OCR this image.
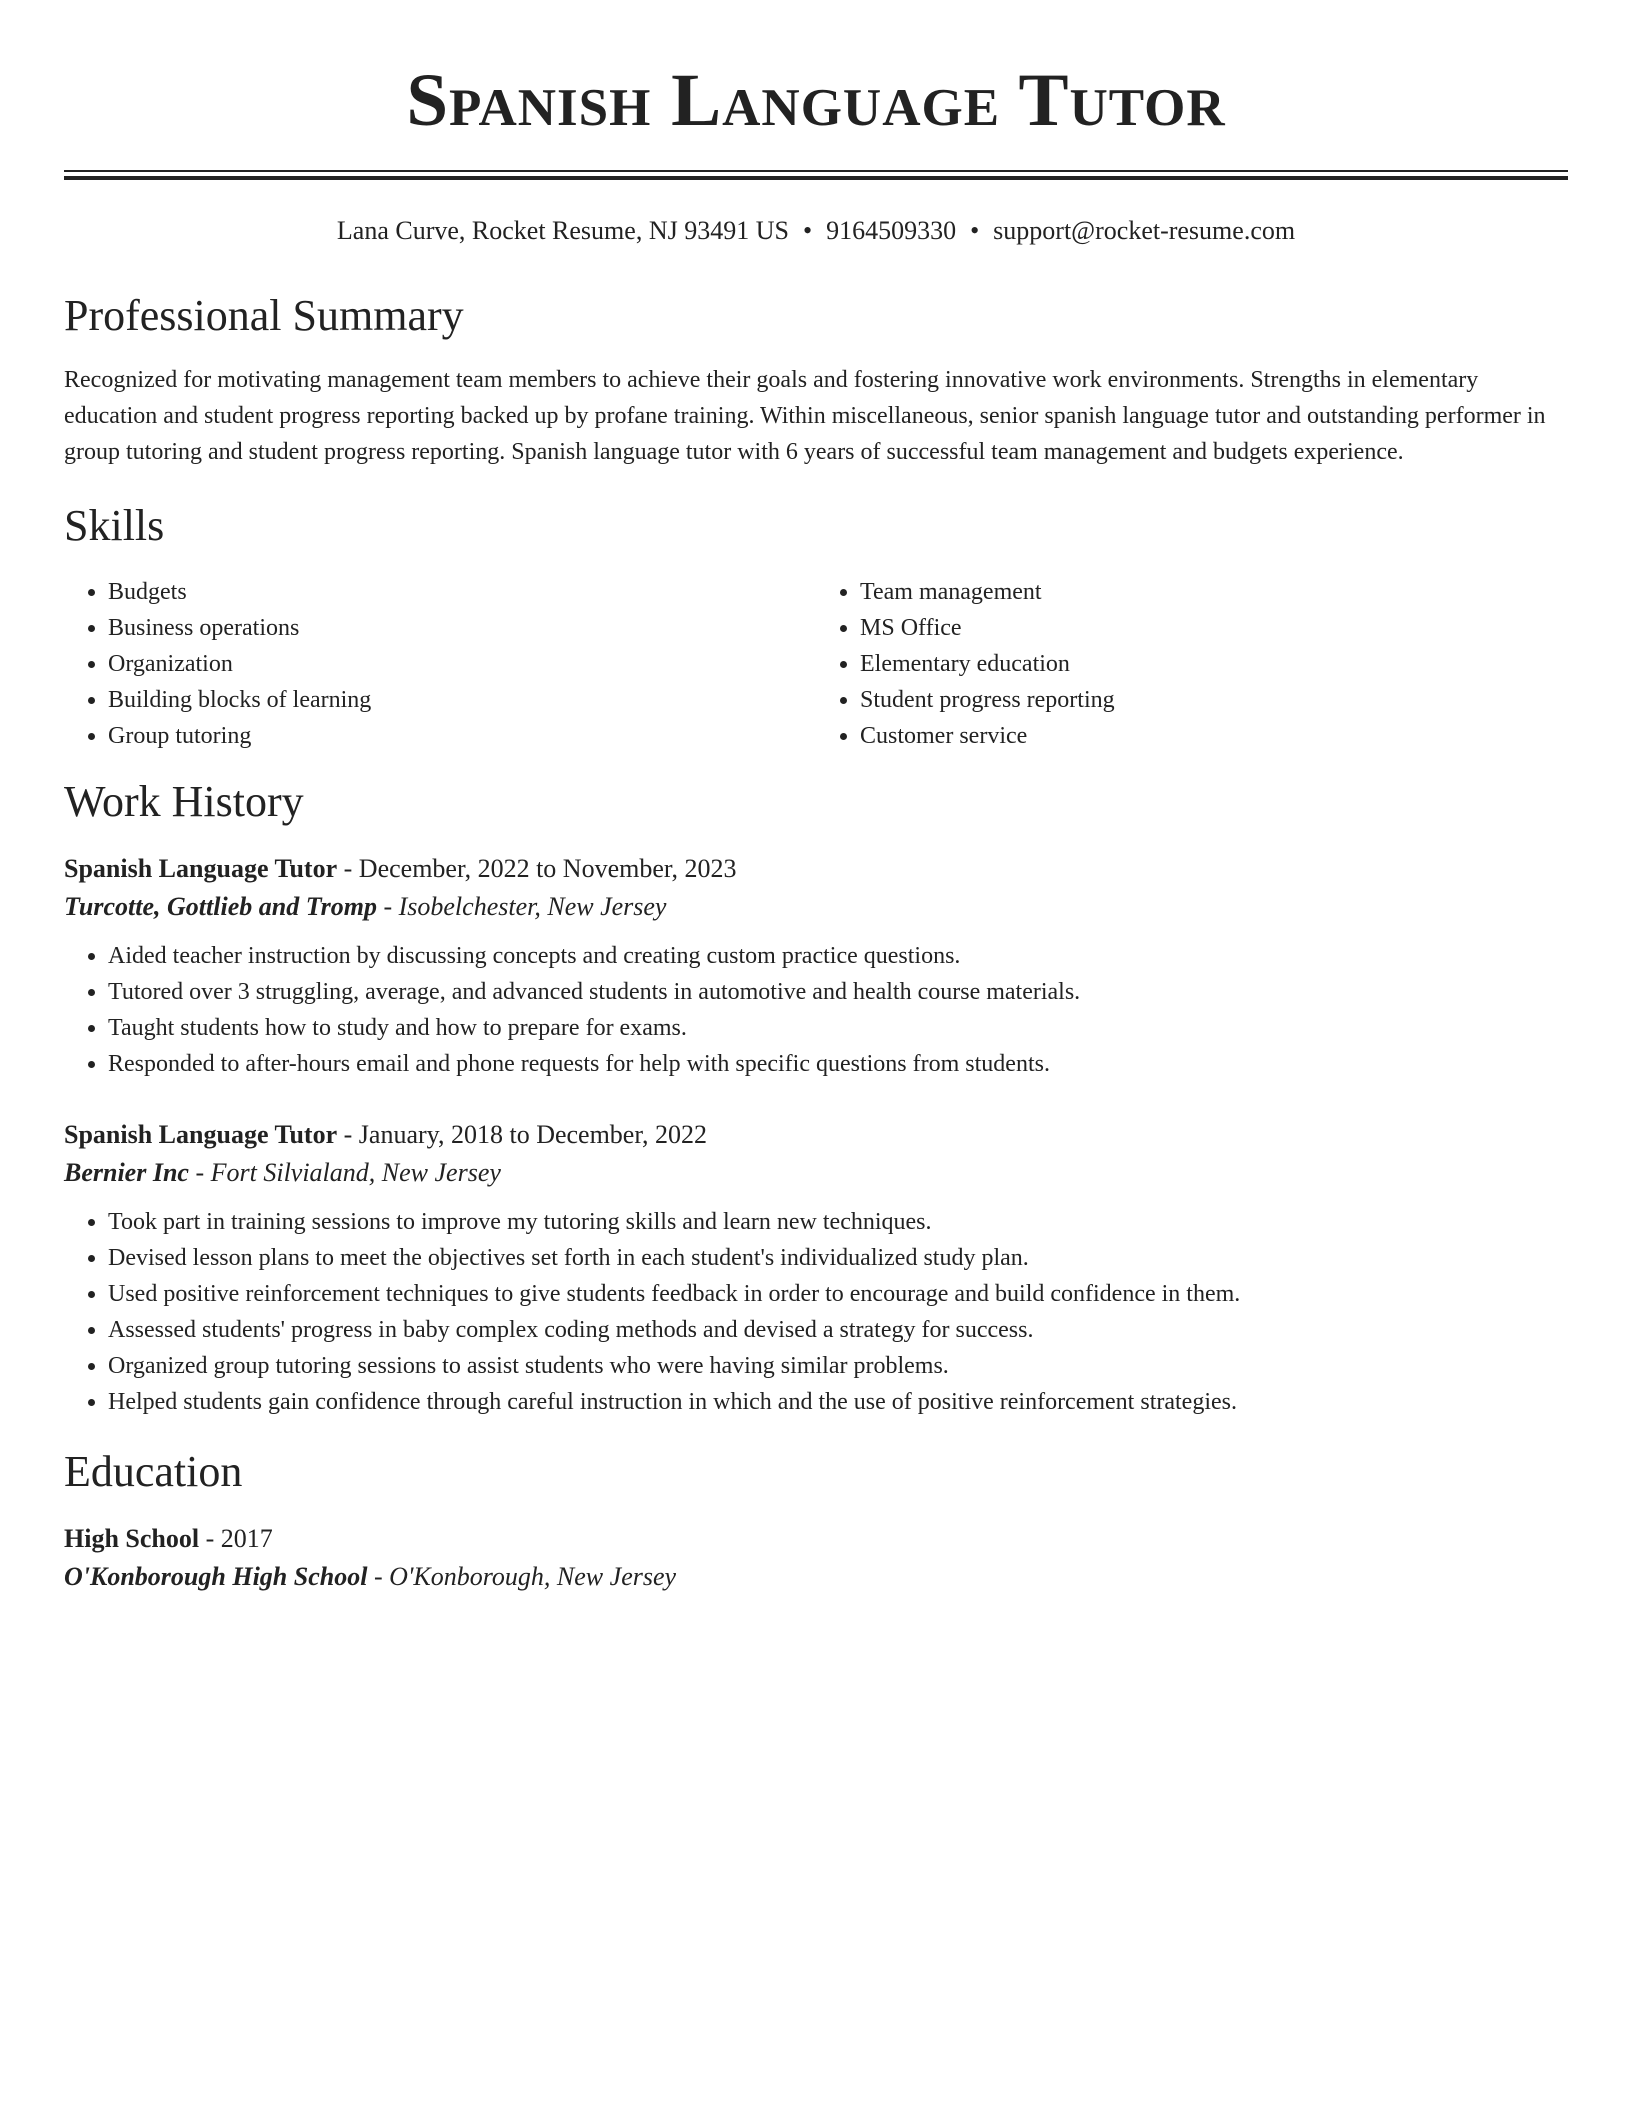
Spanish Language Tutor
Lana Curve, Rocket Resume, NJ 93491 US • 9164509330 • support@rocket-resume.com
Professional Summary

Recognized for motivating management team members to achieve their goals and fostering innovative work environments. Strengths in elementary education and student progress reporting backed up by profane training. Within miscellaneous, senior spanish language tutor and outstanding performer in group tutoring and student progress reporting. Spanish language tutor with 6 years of successful team management and budgets experience.

Skills
• Budgets
• Business operations
• Organization
• Building blocks of learning
• Group tutoring
• Team management
• MS Office
• Elementary education
• Student progress reporting
• Customer service
Work History
Spanish Language Tutor - December, 2022 to November, 2023
Turcotte, Gottlieb and Tromp - Isobelchester, New Jersey
• Aided teacher instruction by discussing concepts and creating custom practice questions.
• Tutored over 3 struggling, average, and advanced students in automotive and health course materials.
• Taught students how to study and how to prepare for exams.
• Responded to after-hours email and phone requests for help with specific questions from students.
Spanish Language Tutor - January, 2018 to December, 2022
Bernier Inc - Fort Silvialand, New Jersey
• Took part in training sessions to improve my tutoring skills and learn new techniques.
• Devised lesson plans to meet the objectives set forth in each student's individualized study plan.
• Used positive reinforcement techniques to give students feedback in order to encourage and build confidence in them.
• Assessed students' progress in baby complex coding methods and devised a strategy for success.
• Organized group tutoring sessions to assist students who were having similar problems.
• Helped students gain confidence through careful instruction in which and the use of positive reinforcement strategies.
Education
High School - 2017
O'Konborough High School - O'Konborough, New Jersey
